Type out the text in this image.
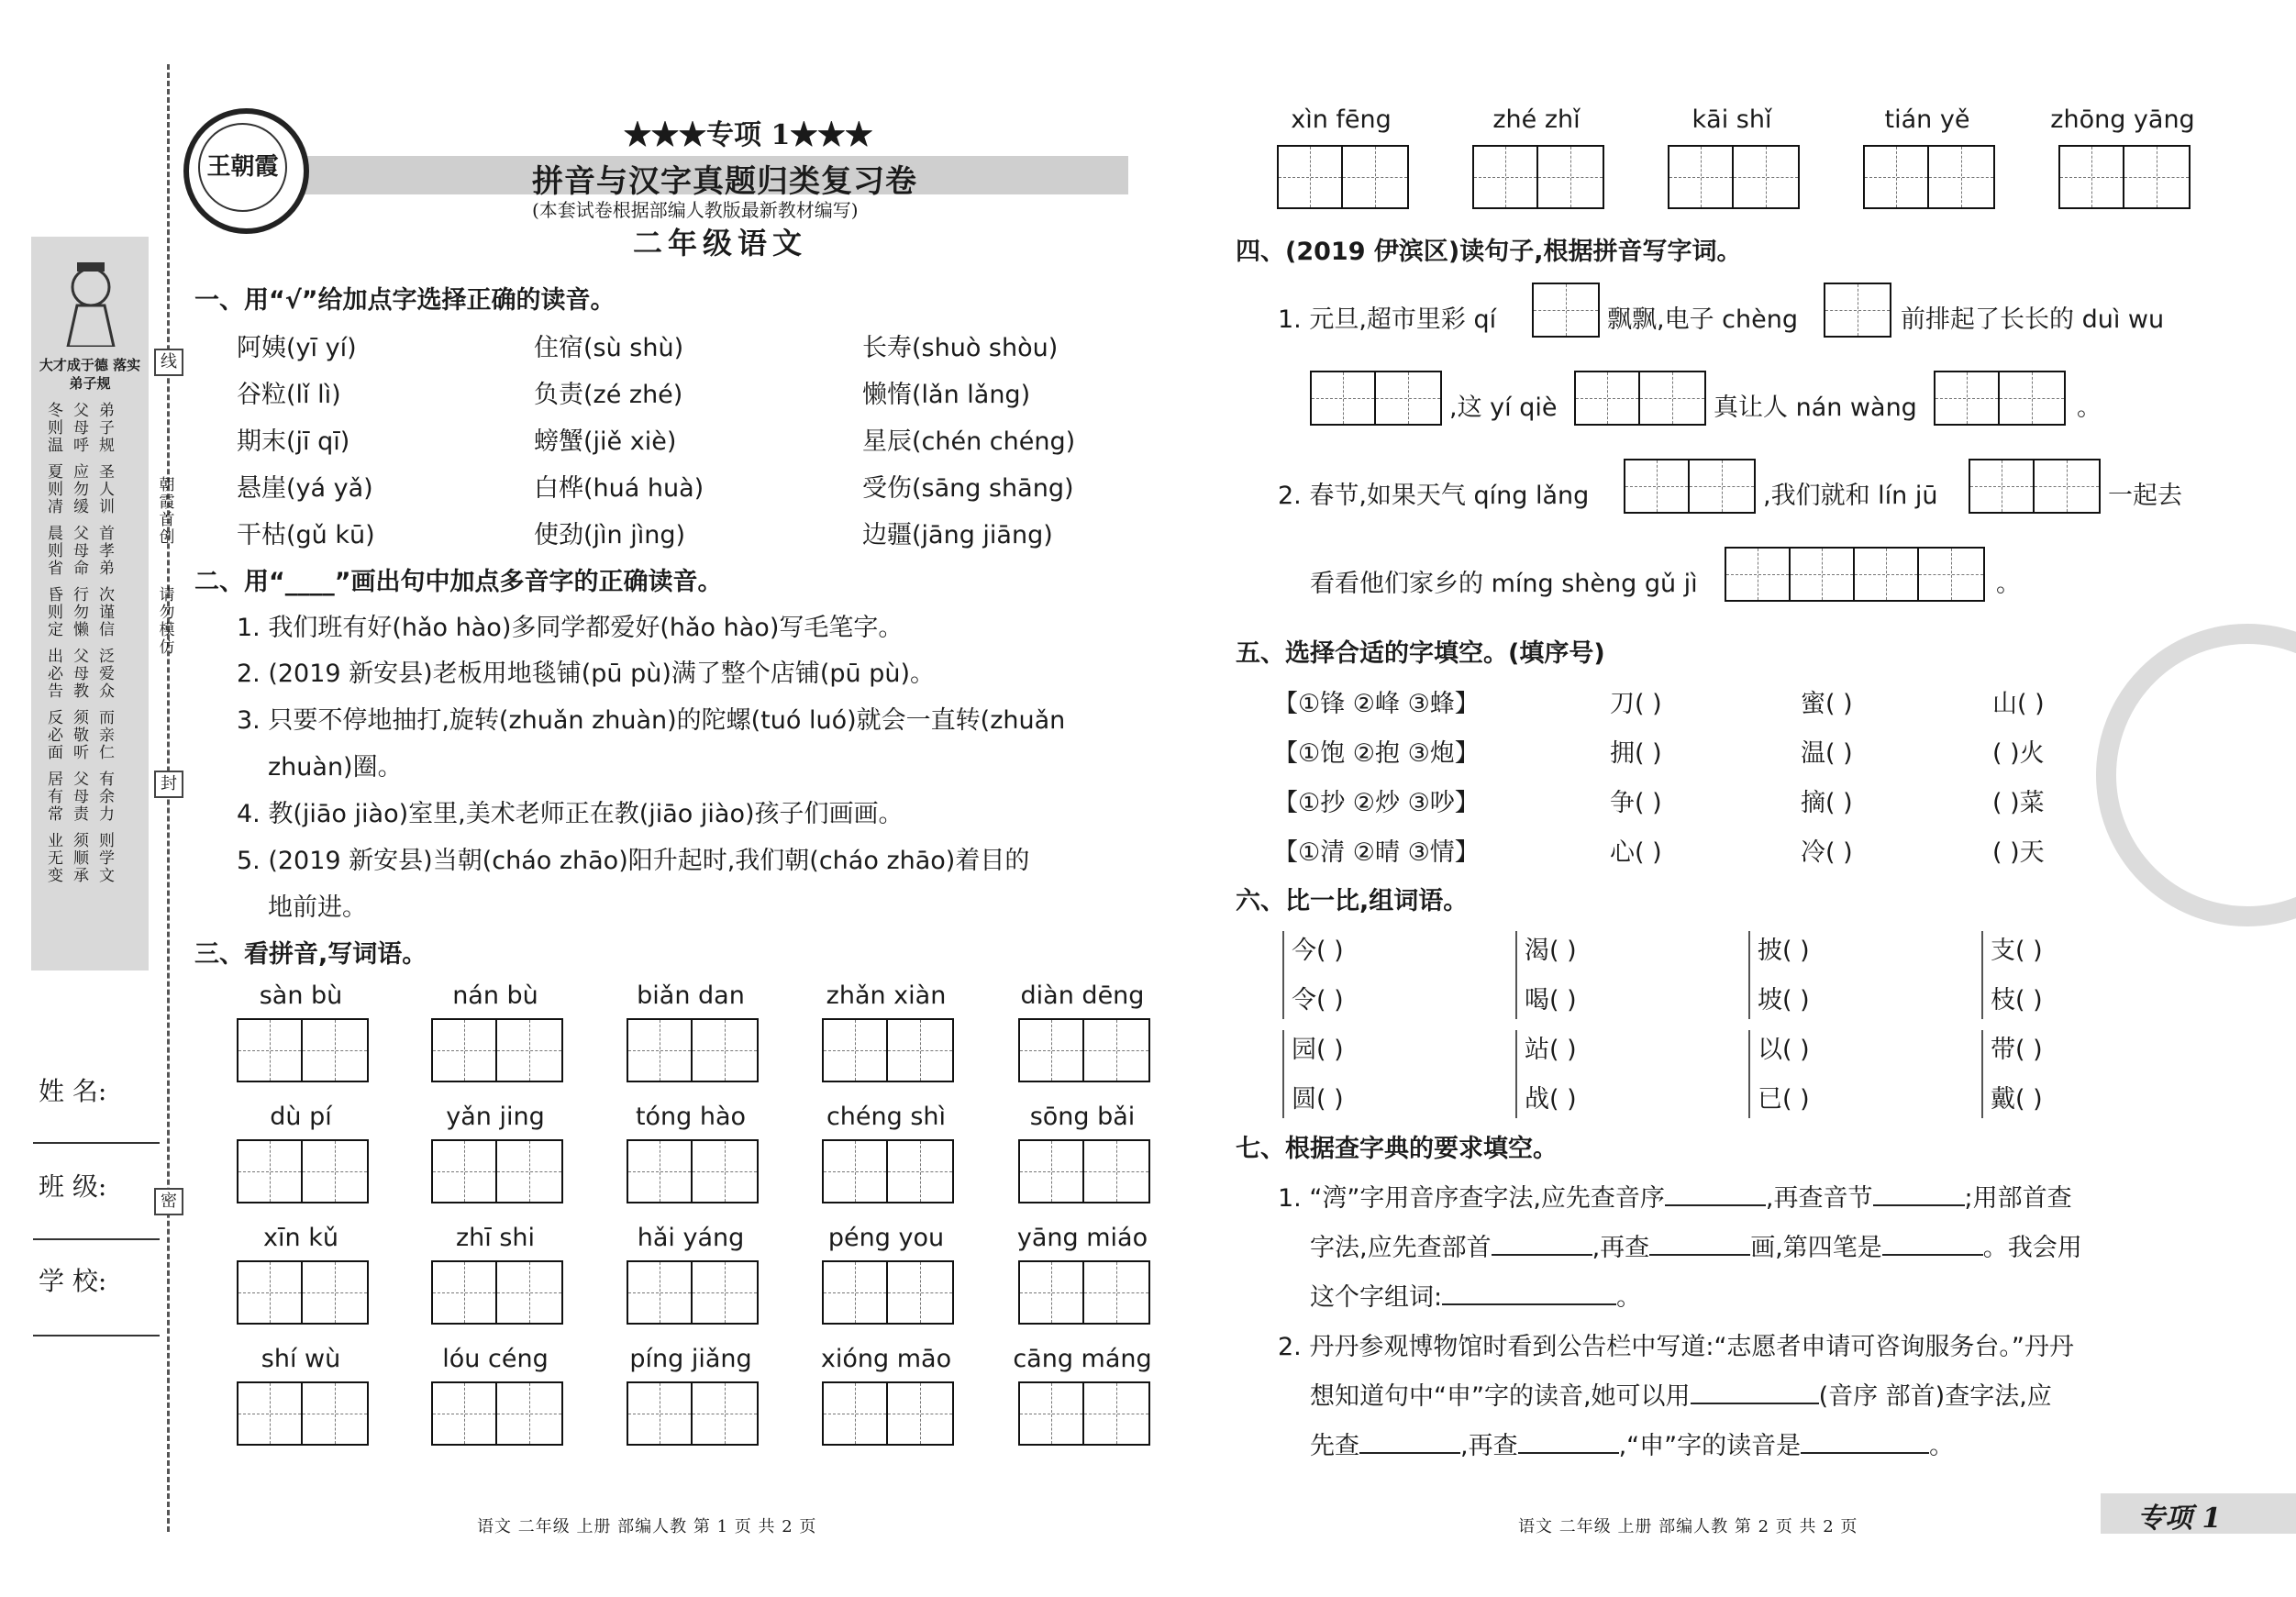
线
朝霞首创
请勿模仿
封
密
大才成于德 落实弟子规
冬则温 父母呼 弟子规
夏则凊 应勿缓 圣人训
晨则省 父母命 首孝弟
昏则定 行勿懒 次谨信
出必告 父母教 泛爱众
反必面 须敬听 而亲仁
居有常 父母责 有余力
业无变 须顺承 则学文
姓 名:
班 级:
学 校:
王朝霞
★★★专项 1★★★
拼音与汉字真题归类复习卷
(本套试卷根据部编人教版最新教材编写)
二年级语文
一、用“√”给加点字选择正确的读音。
阿姨(yī yí)	住宿(sù shù)	长寿(shuò shòu)
谷粒(lǐ lì)	负责(zé zhé)	懒惰(lǎn lǎng)
期末(jī qī)	螃蟹(jiě xiè)	星辰(chén chéng)
悬崖(yá yǎ)	白桦(huá huà)	受伤(sāng shāng)
干枯(gǔ kū)	使劲(jìn jìng)	边疆(jāng jiāng)
二、用“____”画出句中加点多音字的正确读音。
1. 我们班有好(hǎo hào)多同学都爱好(hǎo hào)写毛笔字。
2. (2019 新安县)老板用地毯铺(pū pù)满了整个店铺(pū pù)。
3. 只要不停地抽打,旋转(zhuǎn zhuàn)的陀螺(tuó luó)就会一直转(zhuǎn
zhuàn)圈。
4. 教(jiāo jiào)室里,美术老师正在教(jiāo jiào)孩子们画画。
5. (2019 新安县)当朝(cháo zhāo)阳升起时,我们朝(cháo zhāo)着目的
地前进。
三、看拼音,写词语。
sàn bù	nán bù	biǎn dan	zhǎn xiàn	diàn dēng
dù pí	yǎn jing	tóng hào	chéng shì	sōng bǎi
xīn kǔ	zhī shi	hǎi yáng	péng you	yāng miáo
shí wù	lóu céng	píng jiǎng	xióng māo	cāng máng
xìn fēng	zhé zhǐ	kāi shǐ	tián yě	zhōng yāng
四、(2019 伊滨区)读句子,根据拼音写字词。
1. 元旦,超市里彩 qí	飘飘,电子 chèng	前排起了长长的 duì wu
,这 yí qiè	真让人 nán wàng	。
2. 春节,如果天气 qíng lǎng	,我们就和 lín jū	一起去
看看他们家乡的 míng shèng gǔ jì	。
五、选择合适的字填空。(填序号)
【①锋 ②峰 ③蜂】	刀( )	蜜( )	山( )
【①饱 ②抱 ③炮】	拥( )	温( )	( )火
【①抄 ②炒 ③吵】	争( )	摘( )	( )菜
【①清 ②晴 ③情】	心( )	冷( )	( )天
六、比一比,组词语。
今( )	渴( )	披( )	支( )
令( )	喝( )	坡( )	枝( )
园( )	站( )	以( )	带( )
圆( )	战( )	已( )	戴( )
七、根据查字典的要求填空。
1. “湾”字用音序查字法,应先查音序	,再查音节	;用部首查
字法,应先查部首	,再查	画,第四笔是	。我会用
这个字组词:	。
2. 丹丹参观博物馆时看到公告栏中写道:“志愿者申请可咨询服务台。”丹丹
想知道句中“申”字的读音,她可以用	(音序 部首)查字法,应
先查	,再查	,“申”字的读音是	。
语文 二年级 上册 部编人教 第 1 页 共 2 页	语文 二年级 上册 部编人教 第 2 页 共 2 页	专项 1
